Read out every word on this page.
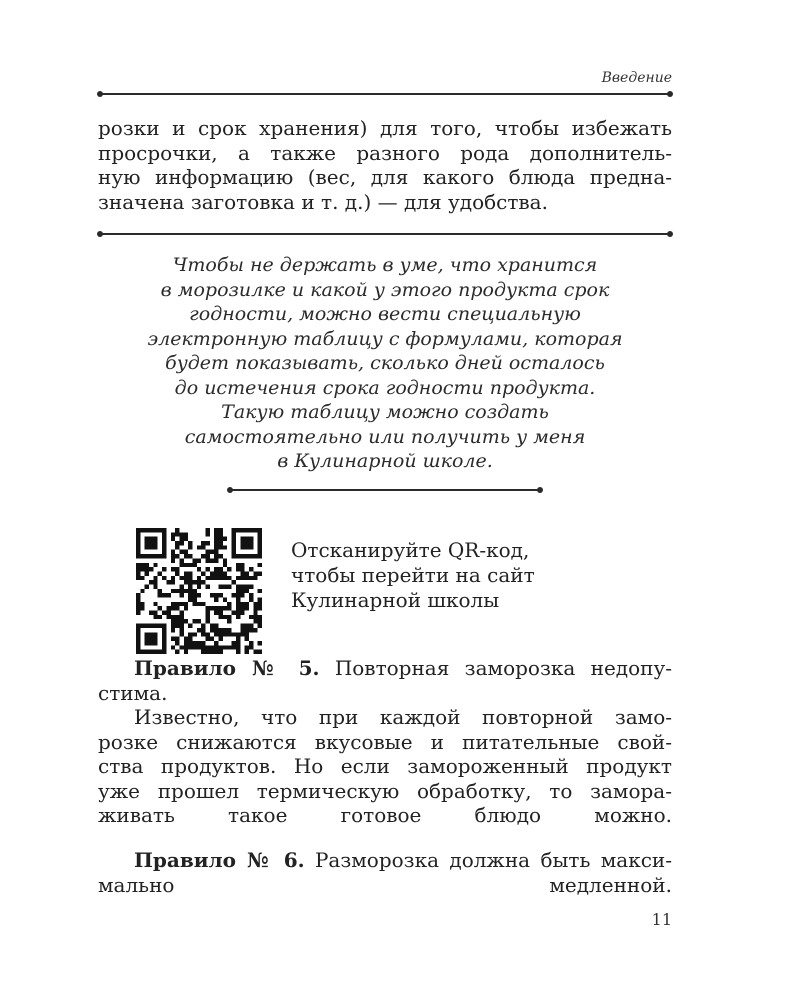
Введение
розки и срок хранения) для того, чтобы избежать
просрочки, а также разного рода дополнитель-
ную информацию (вес, для какого блюда предна-
значена заготовка и т. д.) — для удобства.
Чтобы не держать в уме, что хранится
в морозилке и какой у этого продукта срок
годности, можно вести специальную
электронную таблицу с формулами, которая
будет показывать, сколько дней осталось
до истечения срока годности продукта.
Такую таблицу можно создать
самостоятельно или получить у меня
в Кулинарной школе.
Отсканируйте QR-код,
чтобы перейти на сайт
Кулинарной школы
Правило № 5. Повторная заморозка недопу-
стима.
Известно, что при каждой повторной замо-
розке снижаются вкусовые и питательные свой-
ства продуктов. Но если замороженный продукт
уже прошел термическую обработку, то замора-
живать такое готовое блюдо можно.
Правило № 6. Разморозка должна быть макси-
мально медленной.
11
